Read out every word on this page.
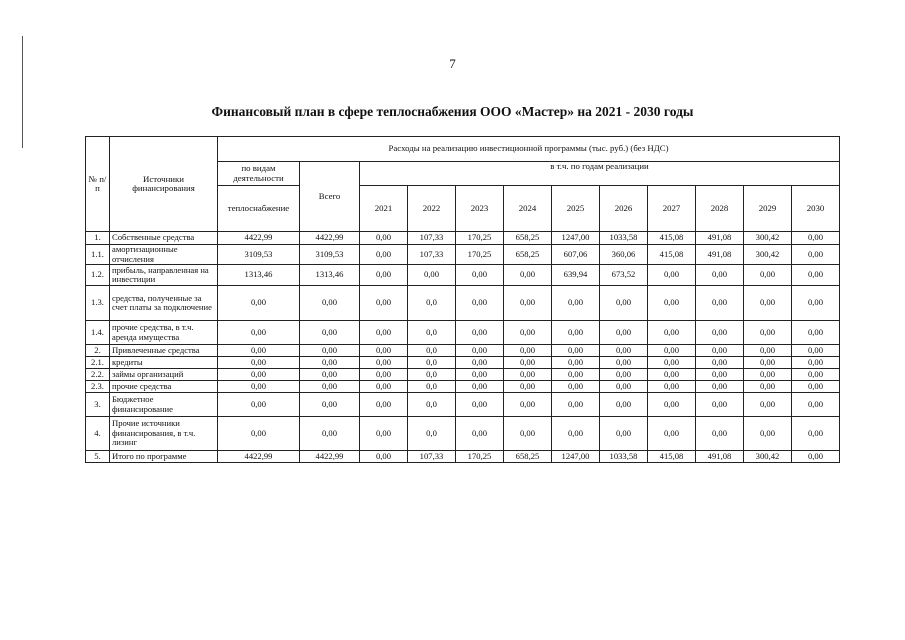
7
Финансовый план в сфере теплоснабжения ООО «Мастер» на 2021 - 2030 годы
№ п/п	Источники финансирования	Расходы на реализацию инвестиционной программы (тыс. руб.) (без НДС)											
		по видам деятельности	Всего	в т.ч. по годам реализации									
		теплоснабжение		2021	2022	2023	2024	2025	2026	2027	2028	2029	2030
1.	Собственные средства	4422,99	4422,99	0,00	107,33	170,25	658,25	1247,00	1033,58	415,08	491,08	300,42	0,00
1.1.	амортизационные отчисления	3109,53	3109,53	0,00	107,33	170,25	658,25	607,06	360,06	415,08	491,08	300,42	0,00
1.2.	прибыль, направленная на инвестиции	1313,46	1313,46	0,00	0,00	0,00	0,00	639,94	673,52	0,00	0,00	0,00	0,00
1.3.	средства, полученные за счет платы за подключение	0,00	0,00	0,00	0,0	0,00	0,00	0,00	0,00	0,00	0,00	0,00	0,00
1.4.	прочие средства, в т.ч. аренда имущества	0,00	0,00	0,00	0,0	0,00	0,00	0,00	0,00	0,00	0,00	0,00	0,00
2.	Привлеченные средства	0,00	0,00	0,00	0,0	0,00	0,00	0,00	0,00	0,00	0,00	0,00	0,00
2.1.	кредиты	0,00	0,00	0,00	0,0	0,00	0,00	0,00	0,00	0,00	0,00	0,00	0,00
2.2.	займы организаций	0,00	0,00	0,00	0,0	0,00	0,00	0,00	0,00	0,00	0,00	0,00	0,00
2.3.	прочие средства	0,00	0,00	0,00	0,0	0,00	0,00	0,00	0,00	0,00	0,00	0,00	0,00
3.	Бюджетное финансирование	0,00	0,00	0,00	0,0	0,00	0,00	0,00	0,00	0,00	0,00	0,00	0,00
4.	Прочие источники финансирования, в т.ч. лизинг	0,00	0,00	0,00	0,0	0,00	0,00	0,00	0,00	0,00	0,00	0,00	0,00
5.	Итого по программе	4422,99	4422,99	0,00	107,33	170,25	658,25	1247,00	1033,58	415,08	491,08	300,42	0,00
